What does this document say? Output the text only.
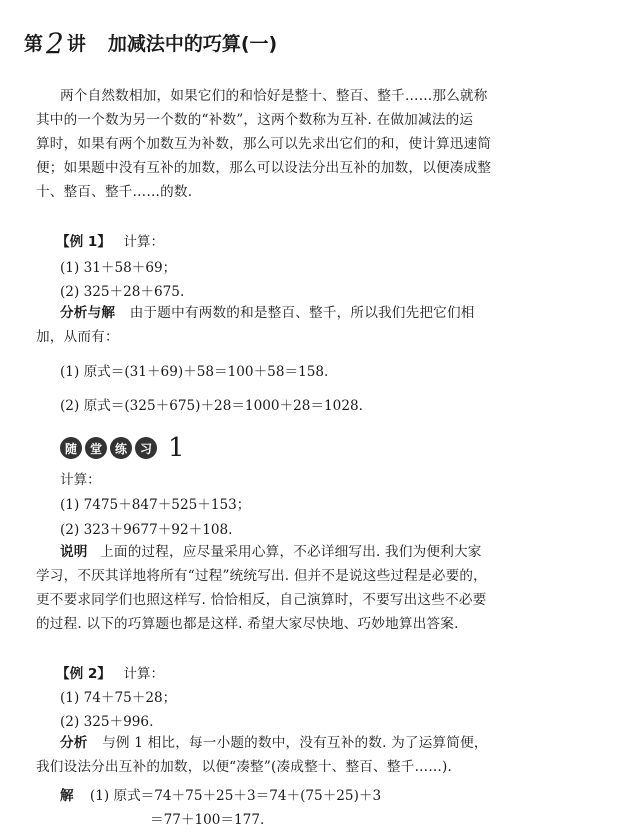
第 2 讲 加减法中的巧算(一)
两个自然数相加，如果它们的和恰好是整十、整百、整千……那么就称
其中的一个数为另一个数的“补数”，这两个数称为互补. 在做加减法的运
算时，如果有两个加数互为补数，那么可以先求出它们的和，使计算迅速简
便；如果题中没有互补的加数，那么可以设法分出互补的加数，以便凑成整
十、整百、整千……的数.
【例 1】 计算：
(1) 31＋58＋69；
(2) 325＋28＋675.
分析与解 由于题中有两数的和是整百、整千，所以我们先把它们相
加，从而有：
(1) 原式＝(31＋69)＋58＝100＋58＝158.
(2) 原式＝(325＋675)＋28＝1000＋28＝1028.
随	堂	练	习 1
计算：
(1) 7475＋847＋525＋153；
(2) 323＋9677＋92＋108.
说明 上面的过程，应尽量采用心算，不必详细写出. 我们为便利大家
学习，不厌其详地将所有“过程”统统写出. 但并不是说这些过程是必要的，
更不要求同学们也照这样写. 恰恰相反，自己演算时，不要写出这些不必要
的过程. 以下的巧算题也都是这样. 希望大家尽快地、巧妙地算出答案.
【例 2】 计算：
(1) 74＋75＋28；
(2) 325＋996.
分析 与例 1 相比，每一小题的数中，没有互补的数. 为了运算简便，
我们设法分出互补的加数，以便“凑整”(凑成整十、整百、整千……).
解 (1) 原式＝74＋75＋25＋3＝74＋(75＋25)＋3
＝77＋100＝177.
